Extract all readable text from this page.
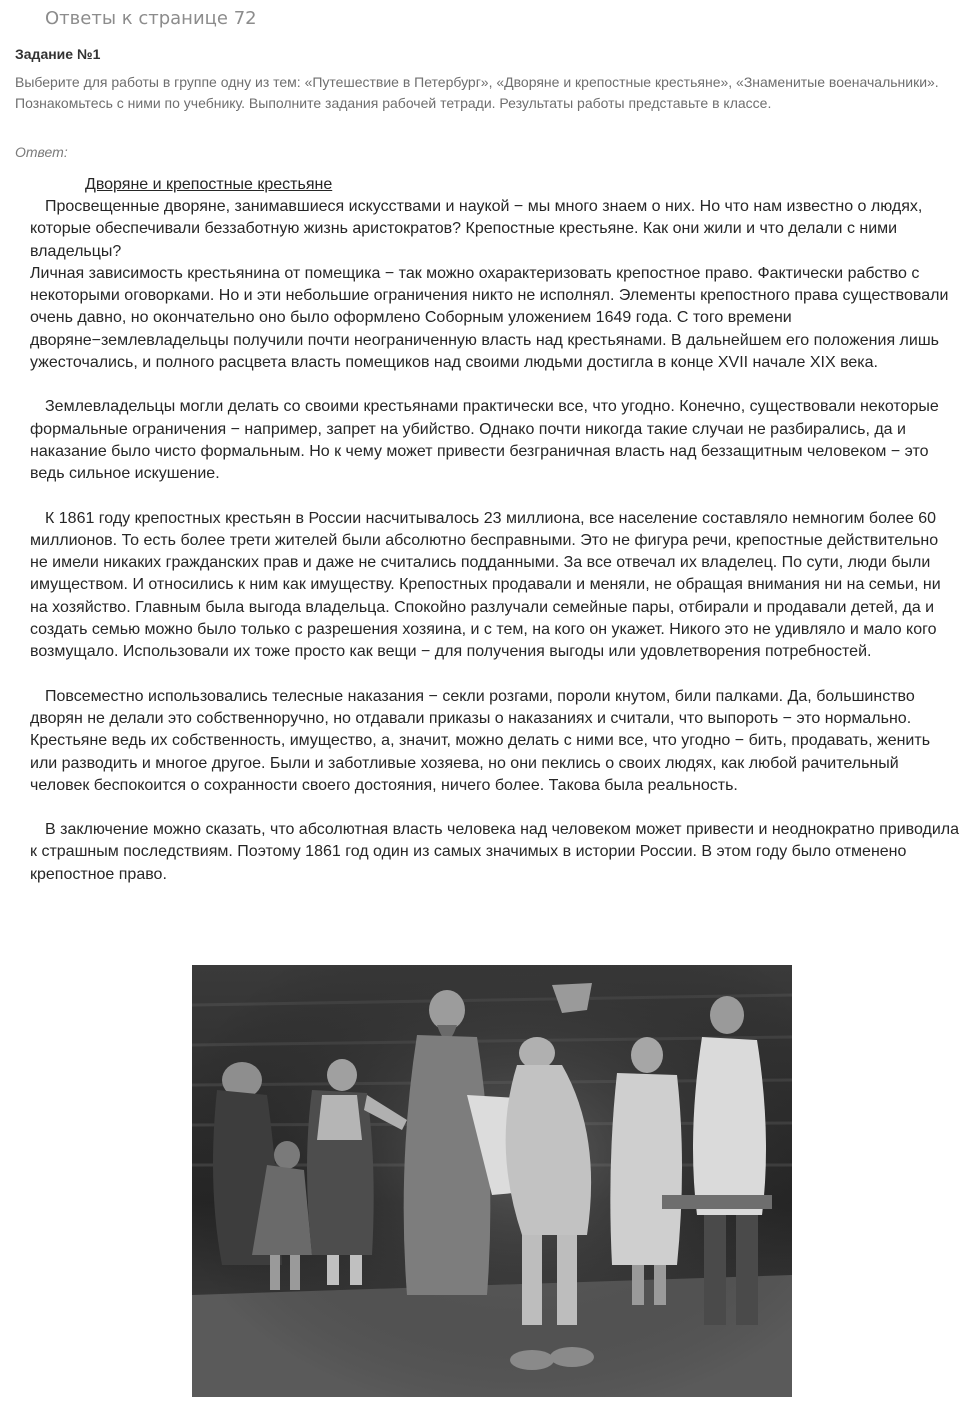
Ответы к странице 72
Задание №1
Выберите для работы в группе одну из тем: «Путешествие в Петербург», «Дворяне и крепостные крестьяне», «Знаменитые военачальники». Познакомьтесь с ними по учебнику. Выполните задания рабочей тетради. Результаты работы представьте в классе.
Ответ:
Дворяне и крепостные крестьяне

Просвещенные дворяне, занимавшиеся искусствами и наукой − мы много знаем о них. Но что нам известно о людях, которые обеспечивали беззаботную жизнь аристократов? Крепостные крестьяне. Как они жили и что делали с ними владельцы?

Личная зависимость крестьянина от помещика − так можно охарактеризовать крепостное право. Фактически рабство с некоторыми оговорками. Но и эти небольшие ограничения никто не исполнял. Элементы крепостного права существовали очень давно, но окончательно оно было оформлено Соборным уложением 1649 года. С того времени дворяне−землевладельцы получили почти неограниченную власть над крестьянами. В дальнейшем его положения лишь ужесточались, и полного расцвета власть помещиков над своими людьми достигла в конце XVII начале XIX века.

Землевладельцы могли делать со своими крестьянами практически все, что угодно. Конечно, существовали некоторые формальные ограничения − например, запрет на убийство. Однако почти никогда такие случаи не разбирались, да и наказание было чисто формальным. Но к чему может привести безграничная власть над беззащитным человеком − это ведь сильное искушение.

К 1861 году крепостных крестьян в России насчитывалось 23 миллиона, все население составляло немногим более 60 миллионов. То есть более трети жителей были абсолютно бесправными. Это не фигура речи, крепостные действительно не имели никаких гражданских прав и даже не считались подданными. За все отвечал их владелец. По сути, люди были имуществом. И относились к ним как имуществу. Крепостных продавали и меняли, не обращая внимания ни на семьи, ни на хозяйство. Главным была выгода владельца. Спокойно разлучали семейные пары, отбирали и продавали детей, да и создать семью можно было только с разрешения хозяина, и с тем, на кого он укажет. Никого это не удивляло и мало кого возмущало. Использовали их тоже просто как вещи − для получения выгоды или удовлетворения потребностей.

Повсеместно использовались телесные наказания − секли розгами, пороли кнутом, били палками. Да, большинство дворян не делали это собственноручно, но отдавали приказы о наказаниях и считали, что выпороть − это нормально. Крестьяне ведь их собственность, имущество, а, значит, можно делать с ними все, что угодно − бить, продавать, женить или разводить и многое другое. Были и заботливые хозяева, но они пеклись о своих людях, как любой рачительный человек беспокоится о сохранности своего достояния, ничего более. Такова была реальность.

В заключение можно сказать, что абсолютная власть человека над человеком может привести и неоднократно приводила к страшным последствиям. Поэтому 1861 год один из самых значимых в истории России. В этом году было отменено крепостное право.
